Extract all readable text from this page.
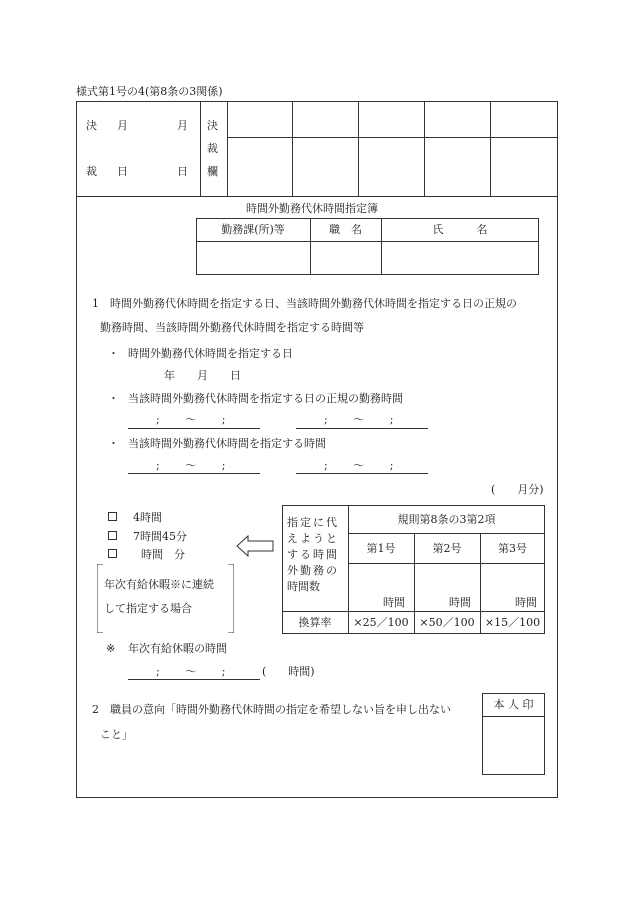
様式第1号の4(第8条の3関係)
決 月	月
裁 日	日
決
裁
欄
時間外勤務代休時間指定簿
勤務課(所)等	職　名	氏　　　名
1　時間外勤務代休時間を指定する日、当該時間外勤務代休時間を指定する日の正規の
勤務時間、当該時間外勤務代休時間を指定する時間等
・ 時間外勤務代休時間を指定する日
年　　月　　日
・ 当該時間外勤務代休時間を指定する日の正規の勤務時間
;　　 〜　　 ;	;　　 〜　　 ;
・ 当該時間外勤務代休時間を指定する時間
;　　 〜　　 ;	;　　 〜　　 ;
(　　月分)
4時間
7時間45分
時間　分
年次有給休暇※に連続
して指定する場合
指定に代
えようと
する時間
外勤務の
時間数
規則第8条の3第2項
第1号	第2号	第3号
時間	時間	時間
換算率	×25／100 ×50／100 ×15／100
※ 年次有給休暇の時間
;　　 〜　　 ;	(　　時間)
2　職員の意向「時間外勤務代休時間の指定を希望しない旨を申し出ない
こと」
本 人 印
